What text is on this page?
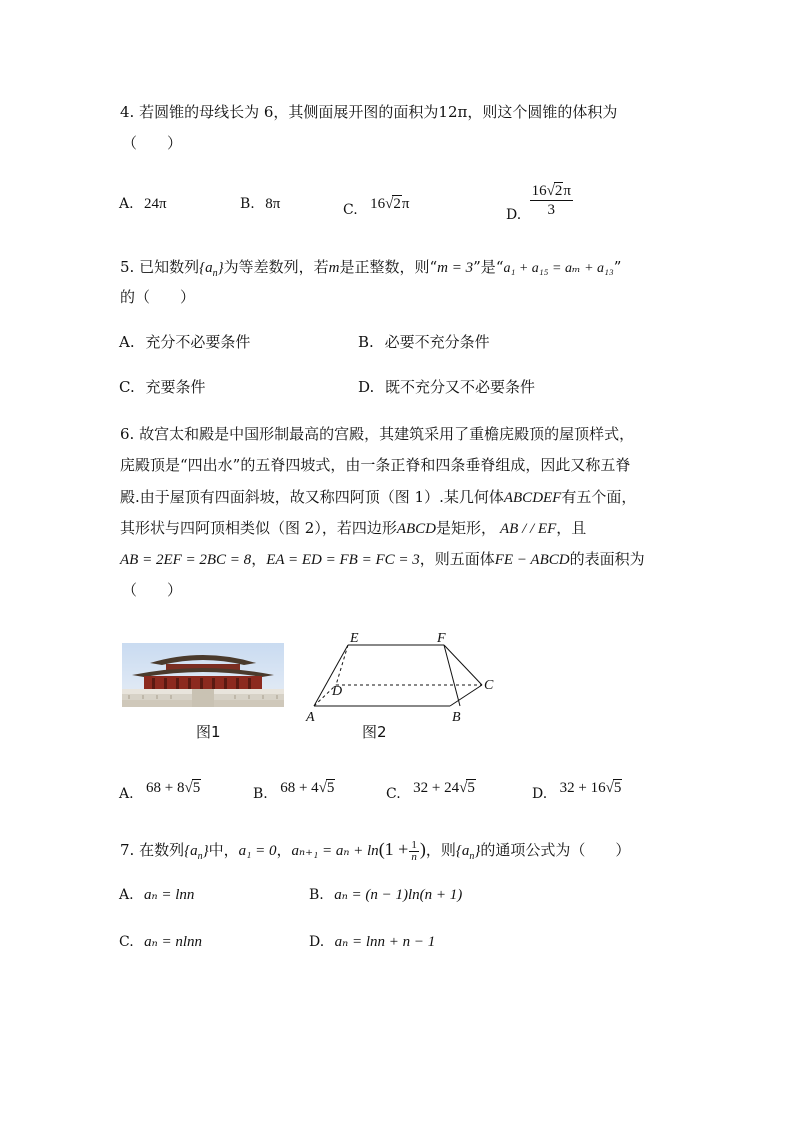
4. 若圆锥的母线长为 6，其侧面展开图的面积为12π，则这个圆锥的体积为
（　　）
A. 24π	B. 8π	C. 16√2π
D. $\frac{16√2\pi}{3}$
5. 已知数列$\{a_n\}$为等差数列，若m是正整数，则“m = 3”是“a₁ + a₁₅ = aₘ + a₁₃”
的（　　）
A. 充分不必要条件	B. 必要不充分条件
C. 充要条件	D. 既不充分又不必要条件
6. 故宫太和殿是中国形制最高的宫殿，其建筑采用了重檐庑殿顶的屋顶样式，
庑殿顶是“四出水”的五脊四坡式，由一条正脊和四条垂脊组成，因此又称五脊
殿.由于屋顶有四面斜坡，故又称四阿顶（图 1）.某几何体ABCDEF有五个面，
其形状与四阿顶相类似（图 2），若四边形ABCD是矩形， AB / / EF，且
AB = 2EF = 2BC = 8，EA = ED = FB = FC = 3，则五面体FE − ABCD的表面积为
（　　）
图1
E	F
D	C
A	B
图2
A. 68 + 8√5	B. 68 + 4√5	C. 32 + 24√5	D. 32 + 16√5
7. 在数列$\{a_n\}$中，a₁ = 0，$a_{n+1} = a_n + \ln(1 + \frac{1}{n}$ )，则$\{a_n\}$的通项公式为（　　）
A. aₙ = lnn	B. aₙ = (n − 1)ln(n + 1)
C. aₙ = nlnn	D. aₙ = lnn + n − 1
